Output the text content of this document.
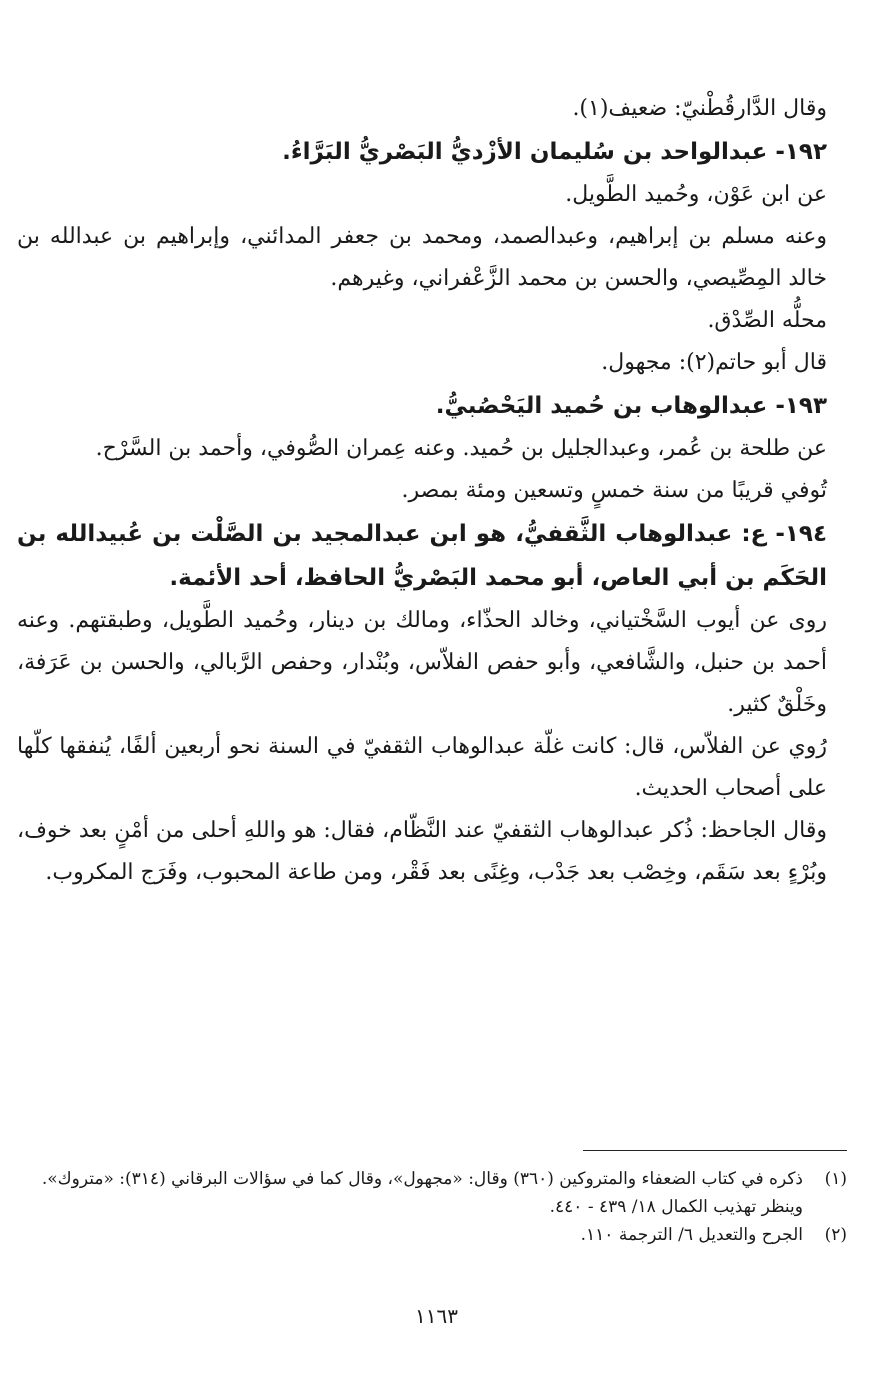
وقال الدَّارقُطْنيّ: ضعيف(١).

١٩٢- عبدالواحد بن سُليمان الأزْديُّ البَصْريُّ البَرَّاءُ.

عن ابن عَوْن، وحُميد الطَّويل.

وعنه مسلم بن إبراهيم، وعبدالصمد، ومحمد بن جعفر المدائني، وإبراهيم بن عبدالله بن خالد المِصِّيصي، والحسن بن محمد الزَّعْفراني، وغيرهم.

محلُّه الصِّدْق.

قال أبو حاتم(٢): مجهول.

١٩٣- عبدالوهاب بن حُميد اليَحْصُبيُّ.

عن طلحة بن عُمر، وعبدالجليل بن حُميد. وعنه عِمران الصُّوفي، وأحمد بن السَّرْح.

تُوفي قريبًا من سنة خمسٍ وتسعين ومئة بمصر.

١٩٤- ع: عبدالوهاب الثَّقفيُّ، هو ابن عبدالمجيد بن الصَّلْت بن عُبيدالله بن الحَكَم بن أبي العاص، أبو محمد البَصْريُّ الحافظ، أحد الأئمة.

روى عن أيوب السَّخْتياني، وخالد الحذّاء، ومالك بن دينار، وحُميد الطَّويل، وطبقتهم. وعنه أحمد بن حنبل، والشَّافعي، وأبو حفص الفلاّس، وبُنْدار، وحفص الرَّبالي، والحسن بن عَرَفة، وخَلْقٌ كثير.

رُوي عن الفلاّس، قال: كانت غلّة عبدالوهاب الثقفيّ في السنة نحو أربعين ألفًا، يُنفقها كلّها على أصحاب الحديث.

وقال الجاحظ: ذُكر عبدالوهاب الثقفيّ عند النَّظّام، فقال: هو واللهِ أحلى من أمْنٍ بعد خوف، وبُرْءٍ بعد سَقَم، وخِصْب بعد جَدْب، وغِنًى بعد فَقْر، ومن طاعة المحبوب، وفَرَج المكروب.

(١)
ذكره في كتاب الضعفاء والمتروكين (٣٦٠) وقال: «مجهول»، وقال كما في سؤالات البرقاني (٣١٤): «متروك». وينظر تهذيب الكمال ١٨/ ٤٣٩ - ٤٤٠.

(٢)
الجرح والتعديل ٦/ الترجمة ١١٠.

١١٦٣
